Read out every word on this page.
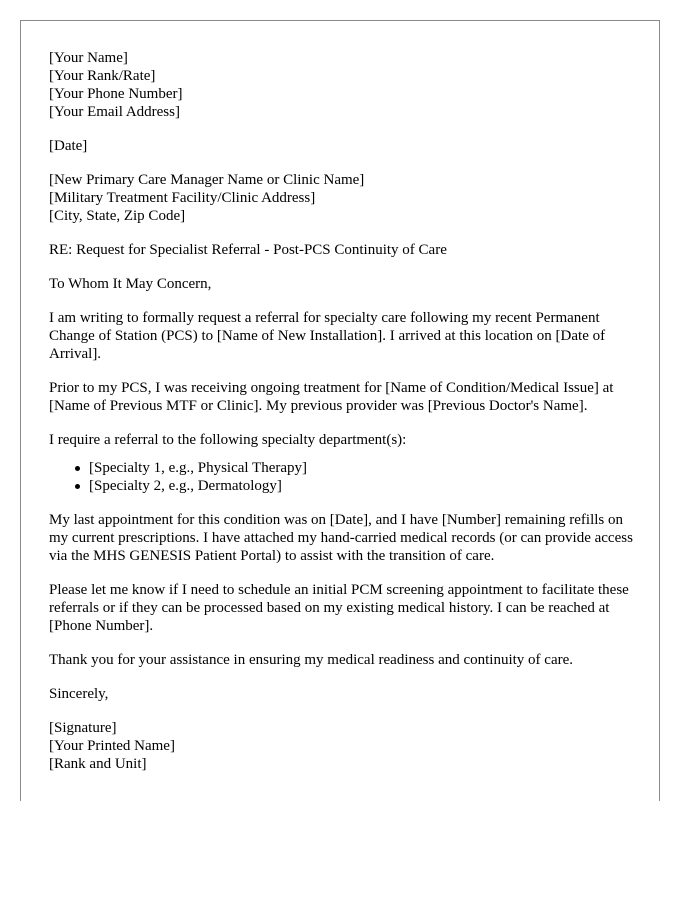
[Your Name]
[Your Rank/Rate]
[Your Phone Number]
[Your Email Address]
[Date]
[New Primary Care Manager Name or Clinic Name]
[Military Treatment Facility/Clinic Address]
[City, State, Zip Code]
RE: Request for Specialist Referral - Post-PCS Continuity of Care
To Whom It May Concern,
I am writing to formally request a referral for specialty care following my recent Permanent Change of Station (PCS) to [Name of New Installation]. I arrived at this location on [Date of Arrival].
Prior to my PCS, I was receiving ongoing treatment for [Name of Condition/Medical Issue] at [Name of Previous MTF or Clinic]. My previous provider was [Previous Doctor's Name].
I require a referral to the following specialty department(s):
[Specialty 1, e.g., Physical Therapy]
[Specialty 2, e.g., Dermatology]
My last appointment for this condition was on [Date], and I have [Number] remaining refills on my current prescriptions. I have attached my hand-carried medical records (or can provide access via the MHS GENESIS Patient Portal) to assist with the transition of care.
Please let me know if I need to schedule an initial PCM screening appointment to facilitate these referrals or if they can be processed based on my existing medical history. I can be reached at [Phone Number].
Thank you for your assistance in ensuring my medical readiness and continuity of care.
Sincerely,
[Signature]
[Your Printed Name]
[Rank and Unit]
